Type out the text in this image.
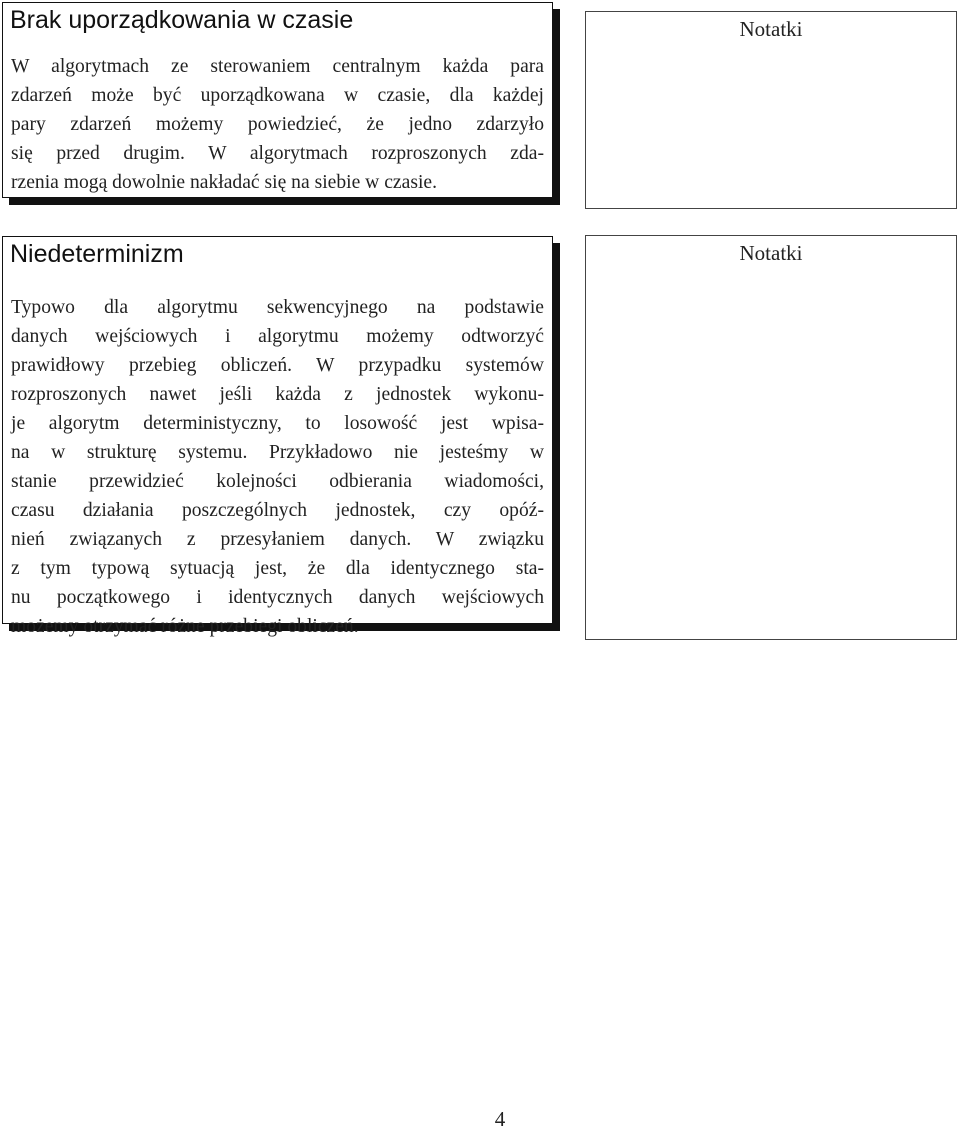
Brak uporządkowania w czasie
W algorytmach ze sterowaniem centralnym każda para
zdarzeń może być uporządkowana w czasie, dla każdej
pary zdarzeń możemy powiedzieć, że jedno zdarzyło
się przed drugim. W algorytmach rozproszonych zda-
rzenia mogą dowolnie nakładać się na siebie w czasie.
Notatki
Niedeterminizm
Typowo dla algorytmu sekwencyjnego na podstawie
danych wejściowych i algorytmu możemy odtworzyć
prawidłowy przebieg obliczeń. W przypadku systemów
rozproszonych nawet jeśli każda z jednostek wykonu-
je algorytm deterministyczny, to losowość jest wpisa-
na w strukturę systemu. Przykładowo nie jesteśmy w
stanie przewidzieć kolejności odbierania wiadomości,
czasu działania poszczególnych jednostek, czy opóź-
nień związanych z przesyłaniem danych. W związku
z tym typową sytuacją jest, że dla identycznego sta-
nu początkowego i identycznych danych wejściowych
możemy otrzymać różne przebiegi obliczeń.
Notatki
4
